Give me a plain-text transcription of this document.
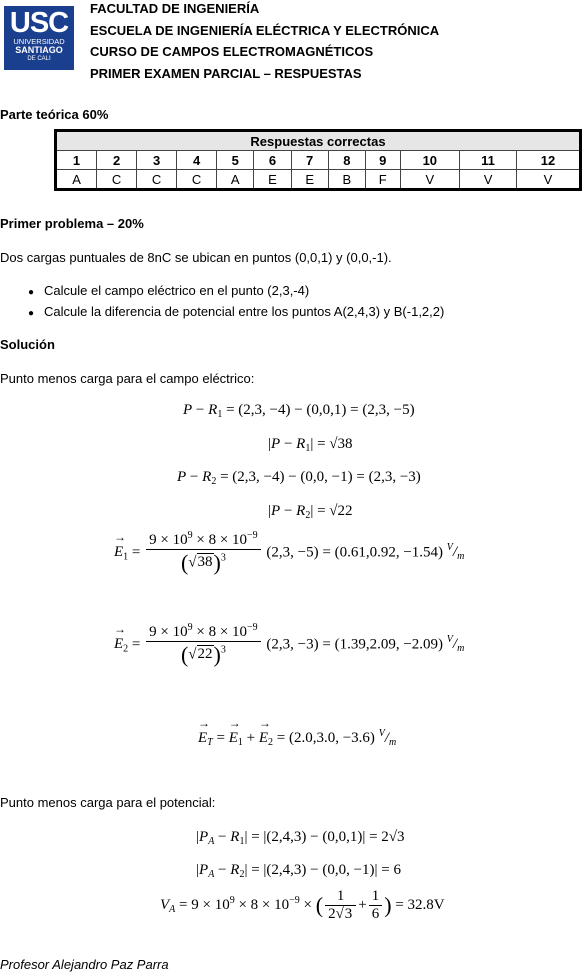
USC
UNIVERSIDAD
SANTIAGO
DE CALI
FACULTAD DE INGENIERÍA
ESCUELA DE INGENIERÍA ELÉCTRICA Y ELECTRÓNICA
CURSO DE CAMPOS ELECTROMAGNÉTICOS
PRIMER EXAMEN PARCIAL – RESPUESTAS
Parte teórica 60%
Respuestas correctas											
1	2	3	4	5	6	7	8	9	10	11	12
A	C	C	C	A	E	E	B	F	V	V	V
Primer problema – 20%
Dos cargas puntuales de 8nC se ubican en puntos (0,0,1) y (0,0,-1).
● Calcule el campo eléctrico en el punto (2,3,-4)
● Calcule la diferencia de potencial entre los puntos A(2,4,3) y B(-1,2,2)
Solución
Punto menos carga para el campo eléctrico:
$P - R_1 = (2,3$, −4) − (0,0,1) = (2,3, −5)
$|P - R_1| = √38$
$P - R_2 = (2,3$, −4) − (0,0, −1) = (2,3, −3)
$|P - R_2| = √22$
→ $E_1 = \frac{9 \times 10^9 \times 8 \times 10^{-9}}{(√38)^3} (2,3$, −5) = (0.61,0.92, −1.54) $^V/_m$
→ $E_2 = \frac{9 \times 10^9 \times 8 \times 10^{-9}}{(√22)^3} (2,3$, −3) = (1.39,2.09, −2.09) $^V/_m$
→ $E_T$ = → $E_1$ + → $E_2 = (2.0,3.0$, −3.6) $^V/_m$
Punto menos carga para el potencial:
$|P_A - R_1| = |(2,4,3) - (0,0,1)| = 2√3$
$|P_A - R_2| = |(2,4,3) - (0,0$, −1)| = 6
$V_A = 9 \times 10^9 \times 8 \times 10^{-9}$ × ( $\frac{1}{2√3} + \frac{1}{6}$ ) = 32.8V
Profesor Alejandro Paz Parra
